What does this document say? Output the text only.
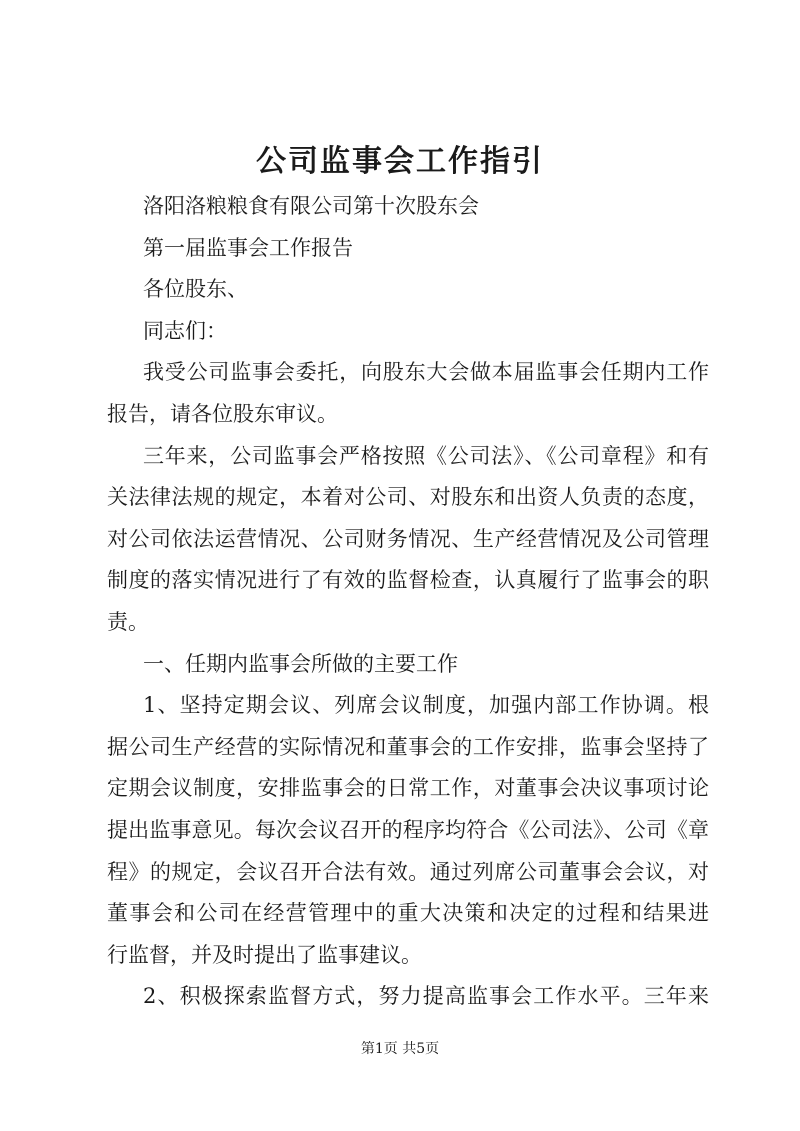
公司监事会工作指引
洛阳洛粮粮食有限公司第十次股东会
第一届监事会工作报告
各位股东、
同志们：
我受公司监事会委托，向股东大会做本届监事会任期内工作
报告，请各位股东审议。
三年来，公司监事会严格按照《公司法》、《公司章程》和有
关法律法规的规定，本着对公司、对股东和出资人负责的态度，
对公司依法运营情况、公司财务情况、生产经营情况及公司管理
制度的落实情况进行了有效的监督检查，认真履行了监事会的职
责。
一、任期内监事会所做的主要工作
1、坚持定期会议、列席会议制度，加强内部工作协调。根
据公司生产经营的实际情况和董事会的工作安排，监事会坚持了
定期会议制度，安排监事会的日常工作，对董事会决议事项讨论
提出监事意见。每次会议召开的程序均符合《公司法》、公司《章
程》的规定，会议召开合法有效。通过列席公司董事会会议，对
董事会和公司在经营管理中的重大决策和决定的过程和结果进
行监督，并及时提出了监事建议。
2、积极探索监督方式，努力提高监事会工作水平。三年来
第1页 共5页
